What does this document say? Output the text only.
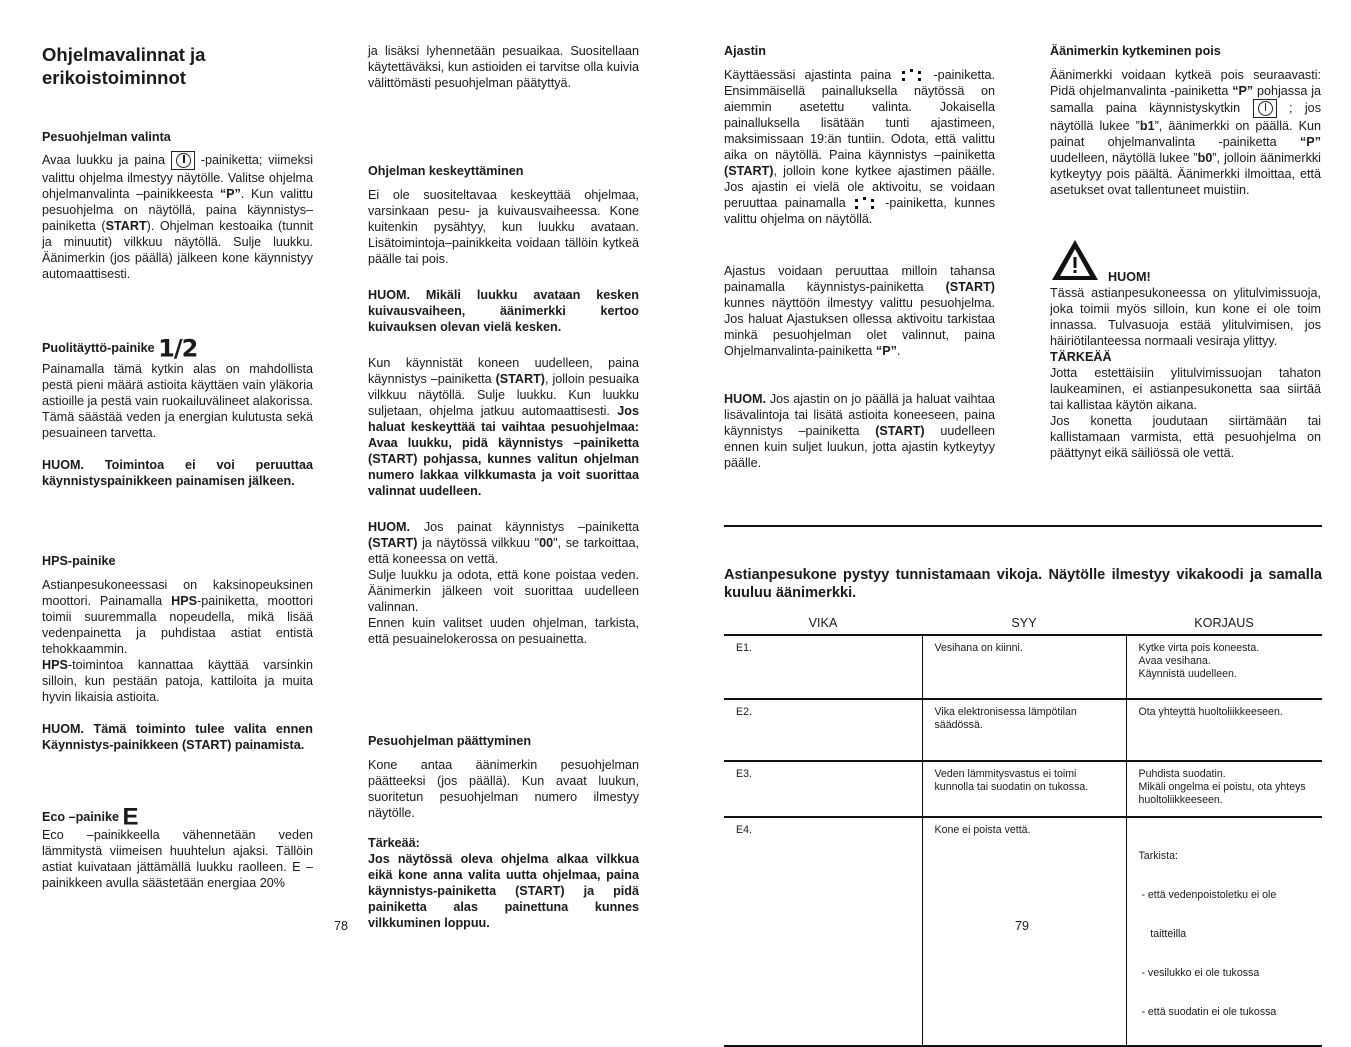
Ohjelmavalinnat ja erikoistoiminnot

Pesuohjelman valinta

Avaa luukku ja paina	-painiketta; viimeksi valittu ohjelma ilmestyy näytölle. Valitse ohjelma ohjelmanvalinta –painikkeesta “P”. Kun valittu pesuohjelma on näytöllä, paina käynnistys–painiketta (START). Ohjelman kestoaika (tunnit ja minuutit) vilkkuu näytöllä. Sulje luukku. Äänimerkin (jos päällä) jälkeen kone käynnistyy automaattisesti.

Puolitäyttö-painike 1/2

Painamalla tämä kytkin alas on mahdollista pestä pieni määrä astioita käyttäen vain yläkoria astioille ja pestä vain ruokailuvälineet alakorissa. Tämä säästää veden ja energian kulutusta sekä pesuaineen tarvetta.

HUOM. Toimintoa ei voi peruuttaa käynnistyspainikkeen painamisen jälkeen.

HPS-painike

Astianpesukoneessasi on kaksinopeuksinen moottori. Painamalla HPS-painiketta, moottori toimii suuremmalla nopeudella, mikä lisää vedenpainetta ja puhdistaa astiat entistä tehokkaammin.

HPS-toimintoa kannattaa käyttää varsinkin silloin, kun pestään patoja, kattiloita ja muita hyvin likaisia astioita.

HUOM. Tämä toiminto tulee valita ennen Käynnistys-painikkeen (START) painamista.

Eco –painike E

Eco –painikkeella vähennetään veden lämmitystä viimeisen huuhtelun ajaksi. Tällöin astiat kuivataan jättämällä luukku raolleen. E –painikkeen avulla säästetään energiaa 20%

ja lisäksi lyhennetään pesuaikaa. Suositellaan käytettäväksi, kun astioiden ei tarvitse olla kuivia välittömästi pesuohjelman päätyttyä.

Ohjelman keskeyttäminen

Ei ole suositeltavaa keskeyttää ohjelmaa, varsinkaan pesu- ja kuivausvaiheessa. Kone kuitenkin pysähtyy, kun luukku avataan. Lisätoimintoja–painikkeita voidaan tällöin kytkeä päälle tai pois.

HUOM. Mikäli luukku avataan kesken kuivausvaiheen, äänimerkki kertoo kuivauksen olevan vielä kesken.

Kun käynnistät koneen uudelleen, paina käynnistys –painiketta (START), jolloin pesuaika vilkkuu näytöllä. Sulje luukku. Kun luukku suljetaan, ohjelma jatkuu automaattisesti. Jos haluat keskeyttää tai vaihtaa pesuohjelmaa: Avaa luukku, pidä käynnistys –painiketta (START) pohjassa, kunnes valitun ohjelman numero lakkaa vilkkumasta ja voit suorittaa valinnat uudelleen.

HUOM. Jos painat käynnistys –painiketta (START) ja näytössä vilkkuu "00", se tarkoittaa, että koneessa on vettä.

Sulje luukku ja odota, että kone poistaa veden. Äänimerkin jälkeen voit suorittaa uudelleen valinnan.

Ennen kuin valitset uuden ohjelman, tarkista, että pesuainelokerossa on pesuainetta.

Pesuohjelman päättyminen

Kone antaa äänimerkin pesuohjelman päätteeksi (jos päällä). Kun avaat luukun, suoritetun pesuohjelman numero ilmestyy näytölle.

Tärkeää:

Jos näytössä oleva ohjelma alkaa vilkkua eikä kone anna valita uutta ohjelmaa, paina käynnistys-painiketta (START) ja pidä painiketta alas painettuna kunnes vilkkuminen loppuu.

78

Ajastin

Käyttäessäsi ajastinta paina	-painiketta. Ensimmäisellä painalluksella näytössä on aiemmin asetettu valinta. Jokaisella painalluksella lisätään tunti ajastimeen, maksimissaan 19:än tuntiin. Odota, että valittu aika on näytöllä. Paina käynnistys –painiketta (START), jolloin kone kytkee ajastimen päälle. Jos ajastin ei vielä ole aktivoitu, se voidaan peruuttaa painamalla	-painiketta, kunnes valittu ohjelma on näytöllä.

Ajastus voidaan peruuttaa milloin tahansa painamalla käynnistys-painiketta (START) kunnes näyttöön ilmestyy valittu pesuohjelma. Jos haluat Ajastuksen ollessa aktivoitu tarkistaa minkä pesuohjelman olet valinnut, paina Ohjelmanvalinta-painiketta “P”.

HUOM. Jos ajastin on jo päällä ja haluat vaihtaa lisävalintoja tai lisätä astioita koneeseen, paina käynnistys –painiketta (START) uudelleen ennen kuin suljet luukun, jotta ajastin kytkeytyy päälle.

Äänimerkin kytkeminen pois

Äänimerkki voidaan kytkeä pois seuraavasti: Pidä ohjelmanvalinta -painiketta “P” pohjassa ja samalla paina käynnistyskytkin	; jos näytöllä lukee ”b1”, äänimerkki on päällä. Kun painat ohjelmanvalinta -painiketta “P” uudelleen, näytöllä lukee ”b0”, jolloin äänimerkki kytkeytyy pois päältä. Äänimerkki ilmoittaa, että asetukset ovat tallentuneet muistiin.

HUOM!

Tässä astianpesukoneessa on ylitulvimissuoja, joka toimii myös silloin, kun kone ei ole toim innassa. Tulvasuoja estää ylitulvimisen, jos häiriötilanteessa normaali vesiraja ylittyy.

TÄRKEÄÄ

Jotta estettäisiin ylitulvimissuojan tahaton laukeaminen, ei astianpesukonetta saa siirtää tai kallistaa käytön aikana.

Jos konetta joudutaan siirtämään tai kallistamaan varmista, että pesuohjelma on päättynyt eikä säiliössä ole vettä.

Astianpesukone pystyy tunnistamaan vikoja. Näytölle ilmestyy vikakoodi ja samalla kuuluu äänimerkki.
VIKA	SYY	KORJAUS
E1.	Vesihana on kiinni.	Kytke virta pois koneesta.
Avaa vesihana.
Käynnistä uudelleen.

E2.	Vika elektronisessa lämpötilan säädössä.	Ota yhteyttä huoltoliikkeeseen.

E3.	Veden lämmitysvastus ei toimi kunnolla tai suodatin on tukossa.	Puhdista suodatin.
Mikäli ongelma ei poistu, ota yhteys huoltoliikkeeseen.

E4.	Kone ei poista vettä.	Tarkista:

- että vedenpoistoletku ei ole

taitteilla

- vesilukko ei ole tukossa

- että suodatin ei ole tukossa

79
